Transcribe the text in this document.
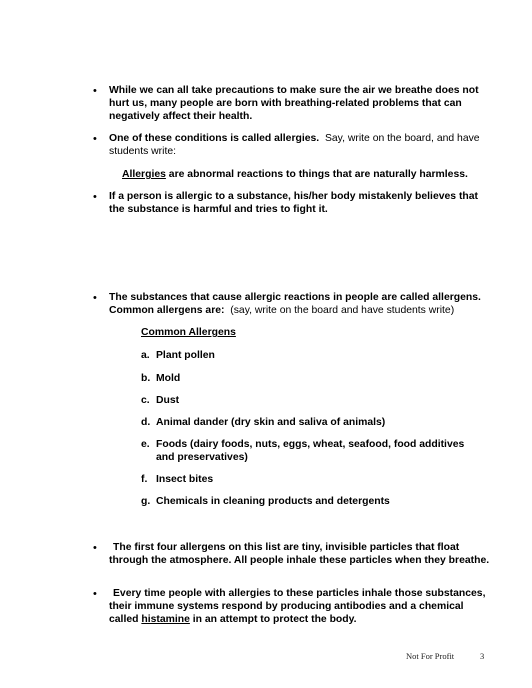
• While we can all take precautions to make sure the air we breathe does not hurt us, many people are born with breathing-related problems that can negatively affect their health.
• One of these conditions is called allergies. Say, write on the board, and have students write:
Allergies are abnormal reactions to things that are naturally harmless.
• If a person is allergic to a substance, his/her body mistakenly believes that the substance is harmful and tries to fight it.
• The substances that cause allergic reactions in people are called allergens. Common allergens are: (say, write on the board and have students write)
Common Allergens
a. Plant pollen
b. Mold
c. Dust
d. Animal dander (dry skin and saliva of animals)
e. Foods (dairy foods, nuts, eggs, wheat, seafood, food additives and preservatives)
f. Insect bites
g. Chemicals in cleaning products and detergents
•	The first four allergens on this list are tiny, invisible particles that float through the atmosphere. All people inhale these particles when they breathe.
•	Every time people with allergies to these particles inhale those substances, their immune systems respond by producing antibodies and a chemical called histamine in an attempt to protect the body.
Not For Profit	3
